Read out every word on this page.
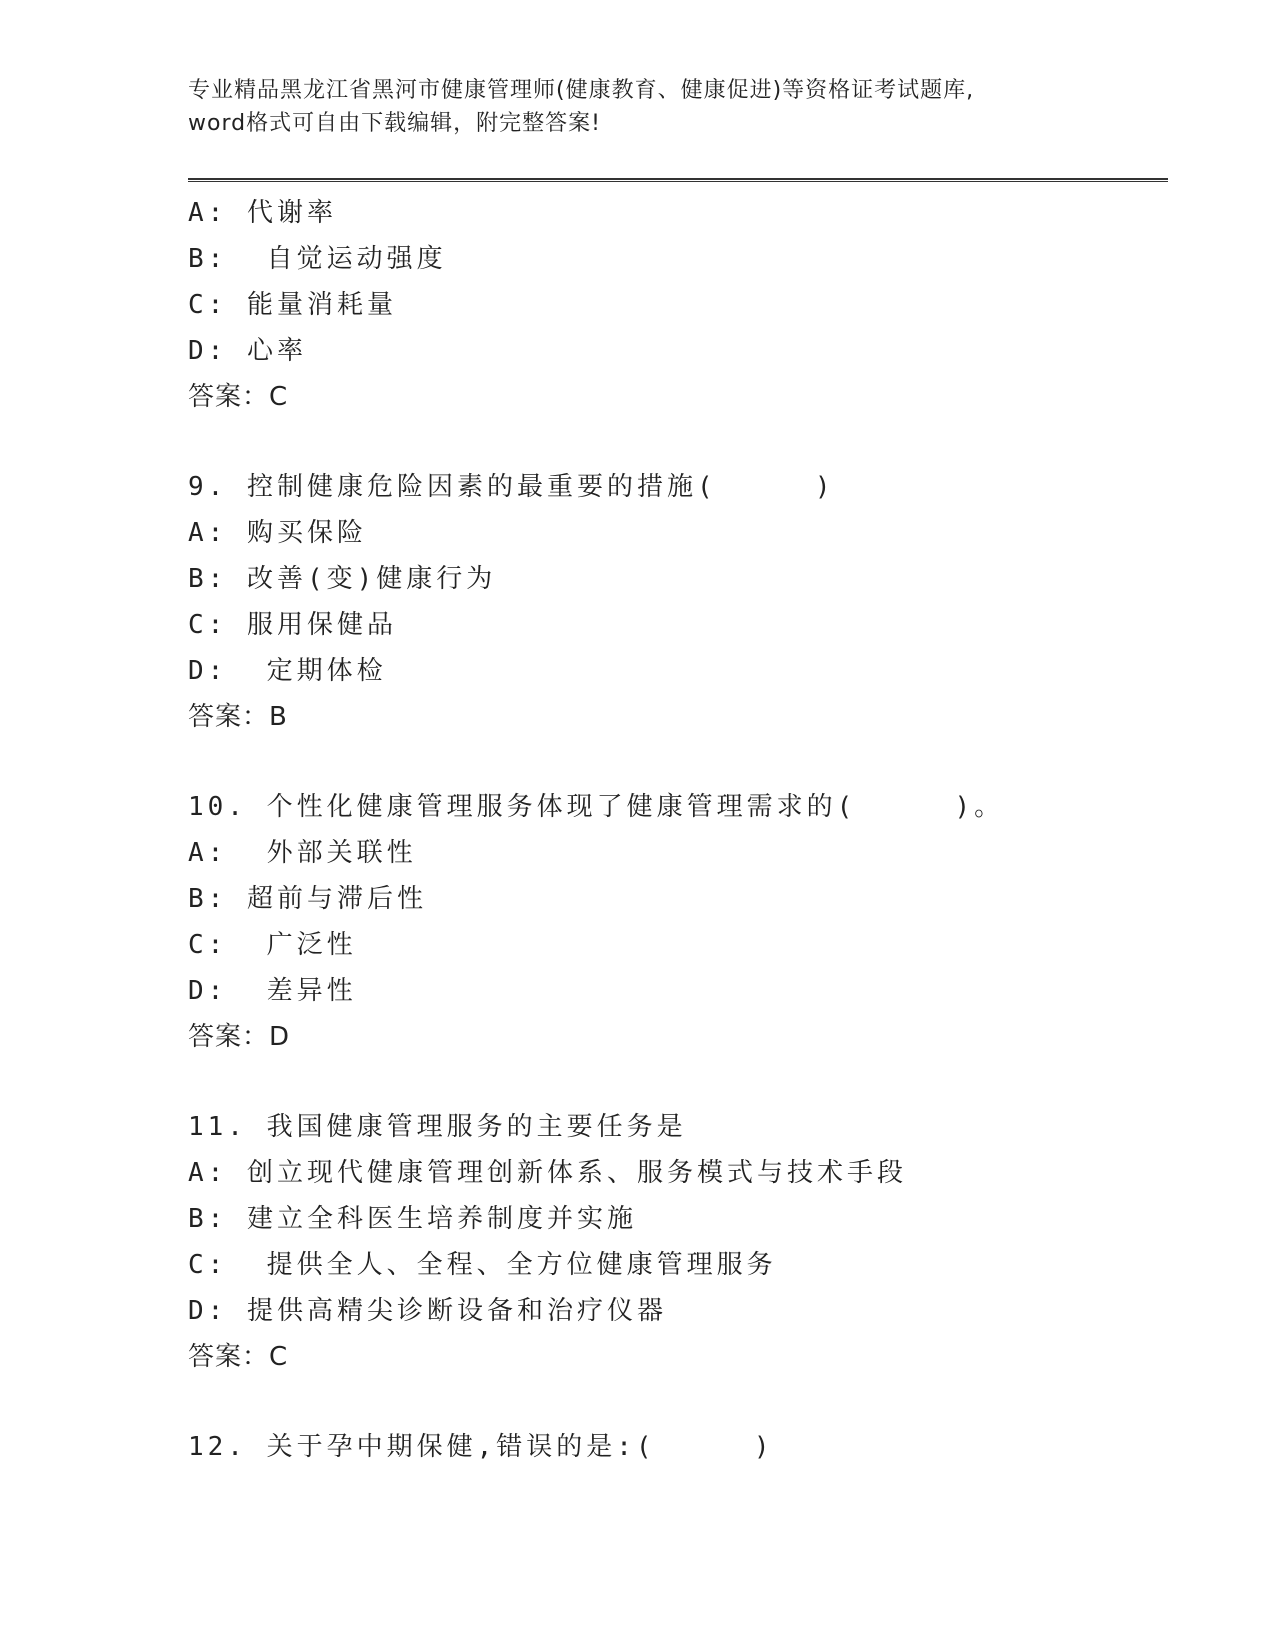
专业精品黑龙江省黑河市健康管理师(健康教育、健康促进)等资格证考试题库,
word格式可自由下载编辑，附完整答案!
A: 代谢率
B:  自觉运动强度
C: 能量消耗量
D: 心率
答案：C
9. 控制健康危险因素的最重要的措施(     )
A: 购买保险
B: 改善(变)健康行为
C: 服用保健品
D:  定期体检
答案：B
10. 个性化健康管理服务体现了健康管理需求的(     )。
A:  外部关联性
B: 超前与滞后性
C:  广泛性
D:  差异性
答案：D
11. 我国健康管理服务的主要任务是
A: 创立现代健康管理创新体系、服务模式与技术手段
B: 建立全科医生培养制度并实施
C:  提供全人、全程、全方位健康管理服务
D: 提供高精尖诊断设备和治疗仪器
答案：C
12. 关于孕中期保健,错误的是:(     )
